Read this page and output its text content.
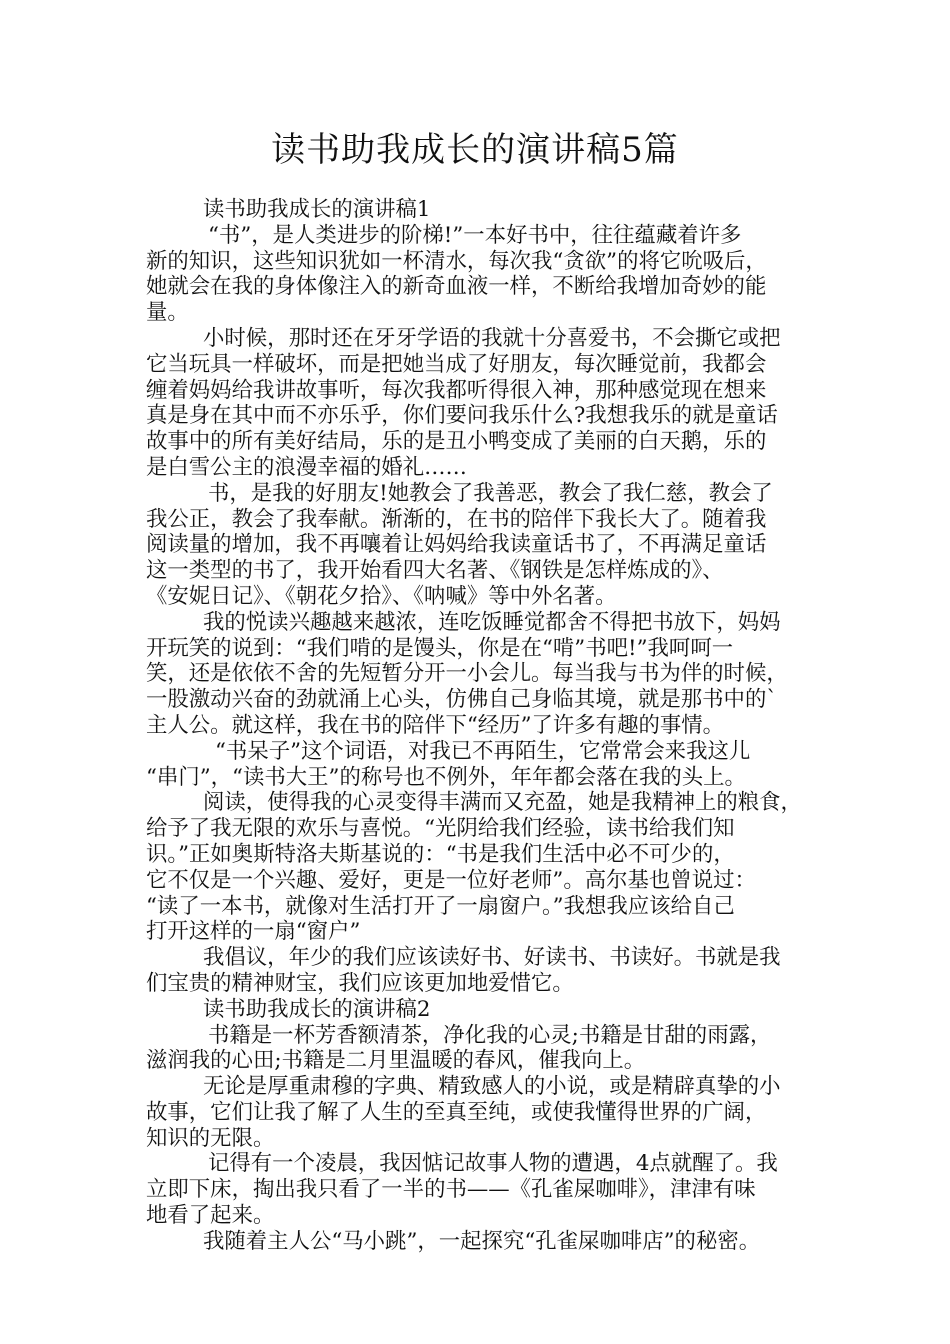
读书助我成长的演讲稿5篇
读书助我成长的演讲稿1
“书”，是人类进步的阶梯!”一本好书中，往往蕴藏着许多
新的知识，这些知识犹如一杯清水，每次我“贪欲”的将它吮吸后，
她就会在我的身体像注入的新奇血液一样，不断给我增加奇妙的能
量。
小时候，那时还在牙牙学语的我就十分喜爱书，不会撕它或把
它当玩具一样破坏，而是把她当成了好朋友，每次睡觉前，我都会
缠着妈妈给我讲故事听，每次我都听得很入神，那种感觉现在想来
真是身在其中而不亦乐乎，你们要问我乐什么?我想我乐的就是童话
故事中的所有美好结局，乐的是丑小鸭变成了美丽的白天鹅，乐的
是白雪公主的浪漫幸福的婚礼……
书，是我的好朋友!她教会了我善恶，教会了我仁慈，教会了
我公正，教会了我奉献。渐渐的，在书的陪伴下我长大了。随着我
阅读量的增加，我不再嚷着让妈妈给我读童话书了，不再满足童话
这一类型的书了，我开始看四大名著、《钢铁是怎样炼成的》、
《安妮日记》、《朝花夕拾》、《呐喊》等中外名著。
我的悦读兴趣越来越浓，连吃饭睡觉都舍不得把书放下，妈妈
开玩笑的说到：“我们啃的是馒头，你是在“啃”书吧!”我呵呵一
笑，还是依依不舍的先短暂分开一小会儿。每当我与书为伴的时候，
一股激动兴奋的劲就涌上心头，仿佛自己身临其境，就是那书中的`
主人公。就这样，我在书的陪伴下“经历”了许多有趣的事情。
“书呆子”这个词语，对我已不再陌生，它常常会来我这儿
“串门”，“读书大王”的称号也不例外，年年都会落在我的头上。
阅读，使得我的心灵变得丰满而又充盈，她是我精神上的粮食，
给予了我无限的欢乐与喜悦。“光阴给我们经验，读书给我们知
识。”正如奥斯特洛夫斯基说的：“书是我们生活中必不可少的，
它不仅是一个兴趣、爱好，更是一位好老师”。高尔基也曾说过：
“读了一本书，就像对生活打开了一扇窗户。”我想我应该给自己
打开这样的一扇“窗户”
我倡议，年少的我们应该读好书、好读书、书读好。书就是我
们宝贵的精神财宝，我们应该更加地爱惜它。
读书助我成长的演讲稿2
书籍是一杯芳香额清茶，净化我的心灵;书籍是甘甜的雨露，
滋润我的心田;书籍是二月里温暖的春风，催我向上。
无论是厚重肃穆的字典、精致感人的小说，或是精辟真挚的小
故事，它们让我了解了人生的至真至纯，或使我懂得世界的广阔，
知识的无限。
记得有一个凌晨，我因惦记故事人物的遭遇，4点就醒了。我
立即下床，掏出我只看了一半的书——《孔雀屎咖啡》，津津有味
地看了起来。
我随着主人公“马小跳”，一起探究“孔雀屎咖啡店”的秘密。
